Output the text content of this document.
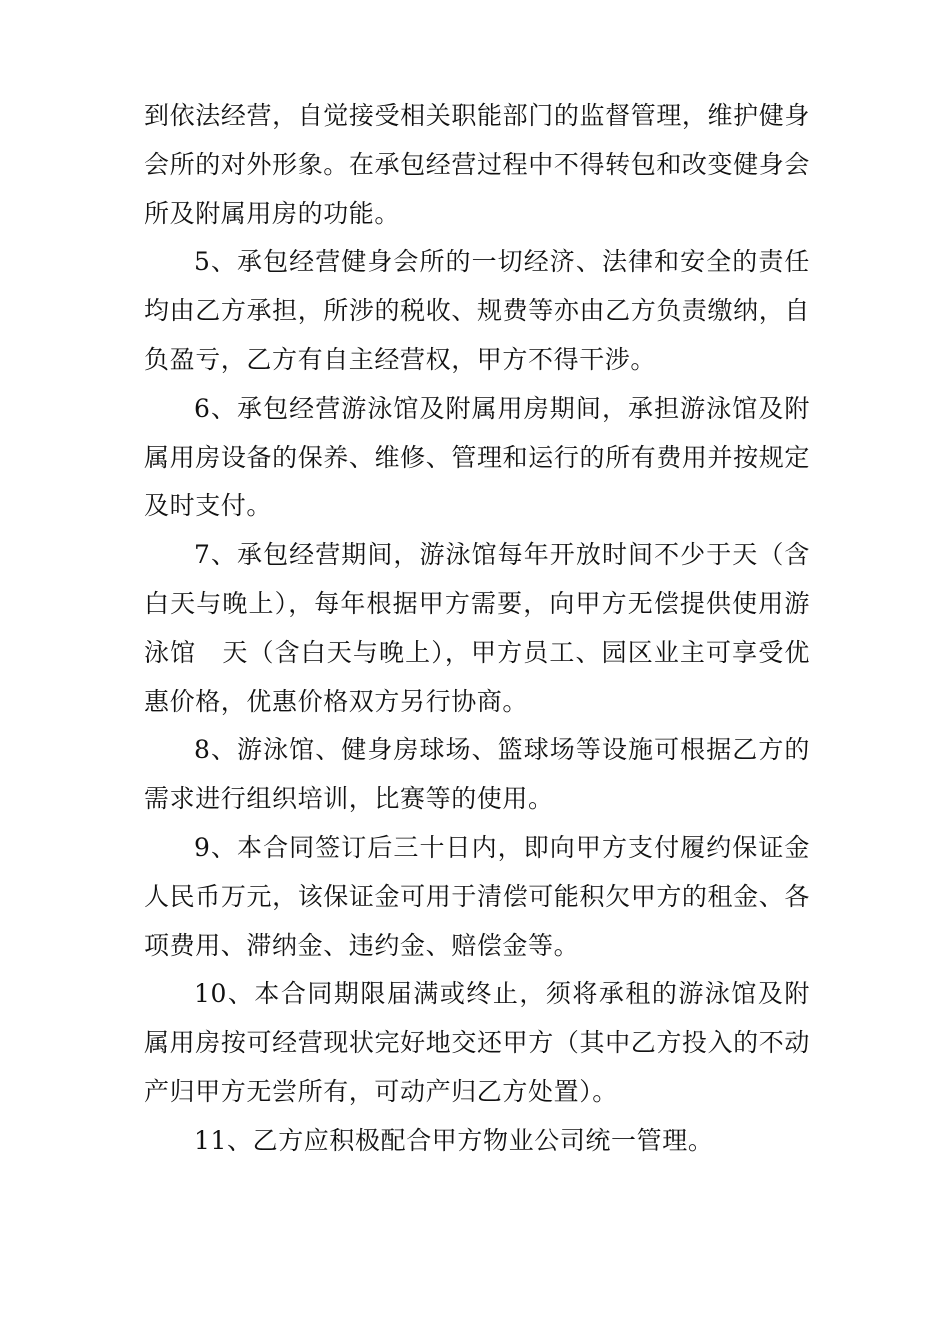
到依法经营，自觉接受相关职能部门的监督管理，维护健身会所的对外形象。在承包经营过程中不得转包和改变健身会所及附属用房的功能。

5、承包经营健身会所的一切经济、法律和安全的责任均由乙方承担，所涉的税收、规费等亦由乙方负责缴纳，自负盈亏，乙方有自主经营权，甲方不得干涉。

6、承包经营游泳馆及附属用房期间，承担游泳馆及附属用房设备的保养、维修、管理和运行的所有费用并按规定及时支付。

7、承包经营期间，游泳馆每年开放时间不少于天（含白天与晚上），每年根据甲方需要，向甲方无偿提供使用游泳馆　天（含白天与晚上），甲方员工、园区业主可享受优惠价格，优惠价格双方另行协商。

8、游泳馆、健身房球场、篮球场等设施可根据乙方的需求进行组织培训，比赛等的使用。

9、本合同签订后三十日内，即向甲方支付履约保证金人民币万元，该保证金可用于清偿可能积欠甲方的租金、各项费用、滞纳金、违约金、赔偿金等。

10、本合同期限届满或终止，须将承租的游泳馆及附属用房按可经营现状完好地交还甲方（其中乙方投入的不动产归甲方无尝所有，可动产归乙方处置）。

11、乙方应积极配合甲方物业公司统一管理。
